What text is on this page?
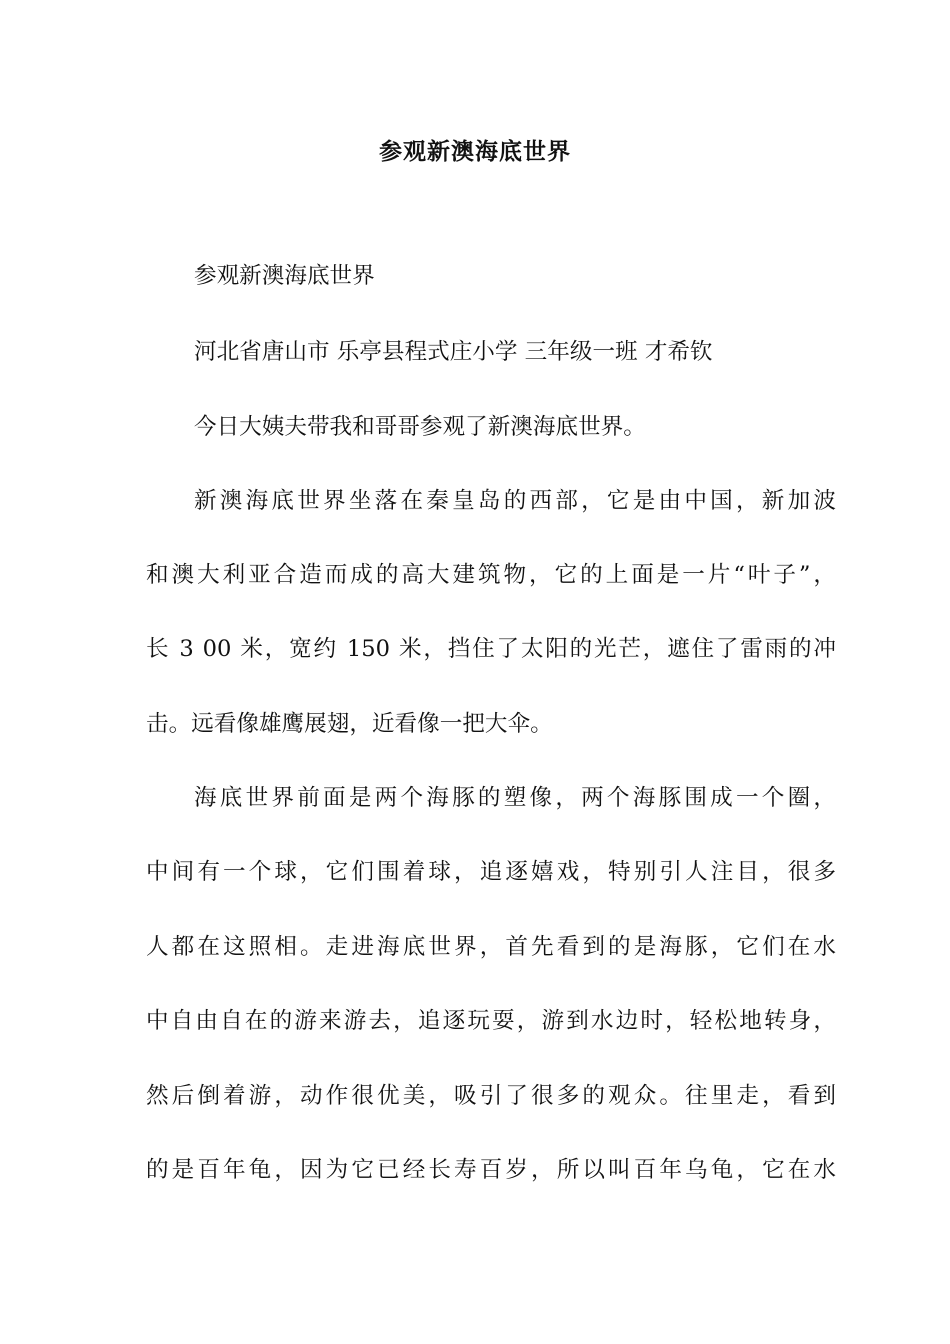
参观新澳海底世界
参观新澳海底世界
河北省唐山市 乐亭县程式庄小学 三年级一班 才希钦
今日大姨夫带我和哥哥参观了新澳海底世界。
新澳海底世界坐落在秦皇岛的西部，它是由中国，新加波
和澳大利亚合造而成的高大建筑物，它的上面是一片“叶子”，
长 3 00 米，宽约 150 米，挡住了太阳的光芒，遮住了雷雨的冲
击。远看像雄鹰展翅，近看像一把大伞。
海底世界前面是两个海豚的塑像，两个海豚围成一个圈，
中间有一个球，它们围着球，追逐嬉戏，特别引人注目，很多
人都在这照相。走进海底世界，首先看到的是海豚，它们在水
中自由自在的游来游去，追逐玩耍，游到水边时，轻松地转身，
然后倒着游，动作很优美，吸引了很多的观众。往里走，看到
的是百年龟，因为它已经长寿百岁，所以叫百年乌龟，它在水
